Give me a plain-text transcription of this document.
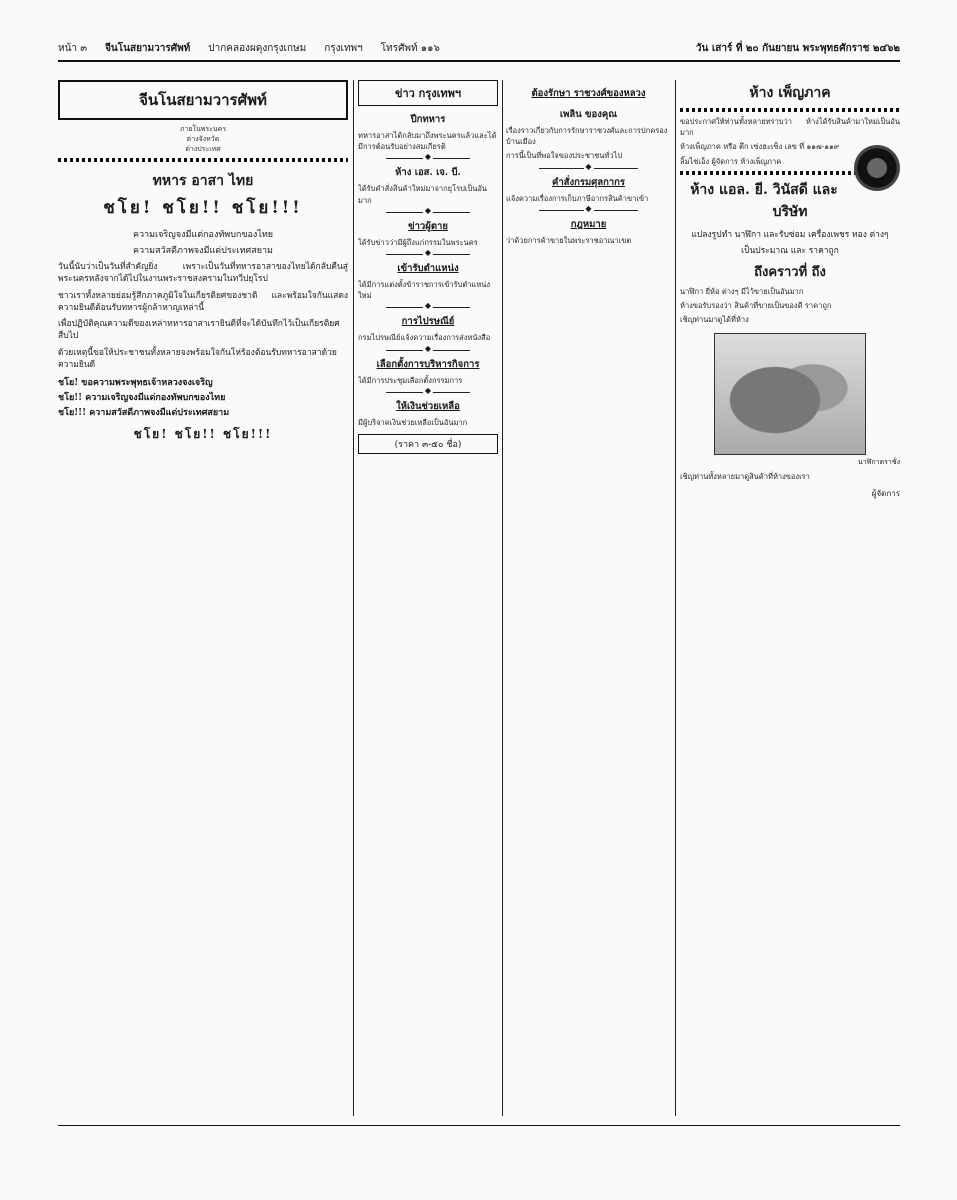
หน้า ๓ จีนโนสยามวารศัพท์ ปากคลองผดุงกรุงเกษม กรุงเทพฯ โทรศัพท์ ๑๑๖	วัน เสาร์ ที่ ๒๐ กันยายน พระพุทธศักราช ๒๔๖๒
จีนโนสยามวารศัพท์
ภายในพระนคร
ต่างจังหวัด
ต่างประเทศ
ทหาร อาสา ไทย
ชโย! ชโย!! ชโย!!!
ความเจริญจงมีแต่กองทัพบกของไทย
ความสวัสดีภาพจงมีแด่ประเทศสยาม

วันนี้นับว่าเป็นวันที่สำคัญยิ่ง เพราะเป็นวันที่ทหารอาสาของไทยได้กลับคืนสู่พระนครหลังจากได้ไปในงานพระราชสงครามในทวีปยุโรป

ชาวเราทั้งหลายย่อมรู้สึกภาคภูมิใจในเกียรติยศของชาติ และพร้อมใจกันแสดงความยินดีต้อนรับทหารผู้กล้าหาญเหล่านี้

เพื่อปฏิบัติคุณความดีของเหล่าทหารอาสาเรายินดีที่จะได้บันทึกไว้เป็นเกียรติยศสืบไป

ด้วยเหตุนี้ขอให้ประชาชนทั้งหลายจงพร้อมใจกันโห่ร้องต้อนรับทหารอาสาด้วยความยินดี

ชโย! ขอความพระพุทธเจ้าหลวงจงเจริญ
ชโย!! ความเจริญจงมีแด่กองทัพบกของไทย
ชโย!!! ความสวัสดีภาพจงมีแด่ประเทศสยาม
ชโย! ชโย!! ชโย!!!
ข่าว กรุงเทพฯ
ปีกทหาร

ทหารอาสาได้กลับมาถึงพระนครแล้วและได้มีการต้อนรับอย่างสมเกียรติ

◆
ห้าง เอส. เจ. บี.

ได้รับคำสั่งสินค้าใหม่มาจากยุโรปเป็นอันมาก

◆
ข่าวผู้ตาย

ได้รับข่าวว่ามีผู้ถึงแก่กรรมในพระนคร

◆
เข้ารับตำแหน่ง

ได้มีการแต่งตั้งข้าราชการเข้ารับตำแหน่งใหม่

◆
การไปรษณีย์

กรมไปรษณีย์แจ้งความเรื่องการส่งหนังสือ

◆
เลือกตั้งการบริหารกิจการ

ได้มีการประชุมเลือกตั้งกรรมการ

◆
ให้เงินช่วยเหลือ

มีผู้บริจาคเงินช่วยเหลือเป็นอันมาก

(ราคา ๓-๕๐ ชื่อ)
ต้องรักษา ราชวงศ์ของหลวง
เพลิน ของคุณ

เรื่องราวเกี่ยวกับการรักษาราชวงศ์และการปกครองบ้านเมือง

การนี้เป็นที่พอใจของประชาชนทั่วไป

◆
คำสั่งกรมศุลกากร

แจ้งความเรื่องการเก็บภาษีอากรสินค้าขาเข้า

◆
กฎหมาย

ว่าด้วยการค้าขายในพระราชอาณาเขต

ห้าง เพ็ญภาค

ขอประกาศให้ท่านทั้งหลายทราบว่า ห้างได้รับสินค้ามาใหม่เป็นอันมาก

ห้างเพ็ญภาค หรือ ตึก เซ่งฮะเซ็ง เลข ที่ ๑๑๗-๑๑๙

ลิ้มไช่เอ็ง ผู้จัดการ ห้างเพ็ญภาค

ห้าง แอล. ยี. วินัสดี และบริษัท
แปลงรูปทำ นาฬิกา และรับซ่อม เครื่องเพชร ทอง ต่างๆ
เป็นประมาณ และ ราคาถูก
ถึงคราวที่ ถึง

นาฬิกา ยี่ห้อ ต่างๆ มีไว้ขายเป็นอันมาก

ห้างขอรับรองว่า สินค้าที่ขายเป็นของดี ราคาถูก

เชิญท่านมาดูได้ที่ห้าง

นาฬิกาตราชั่ง

เชิญท่านทั้งหลายมาดูสินค้าที่ห้างของเรา

ผู้จัดการ
